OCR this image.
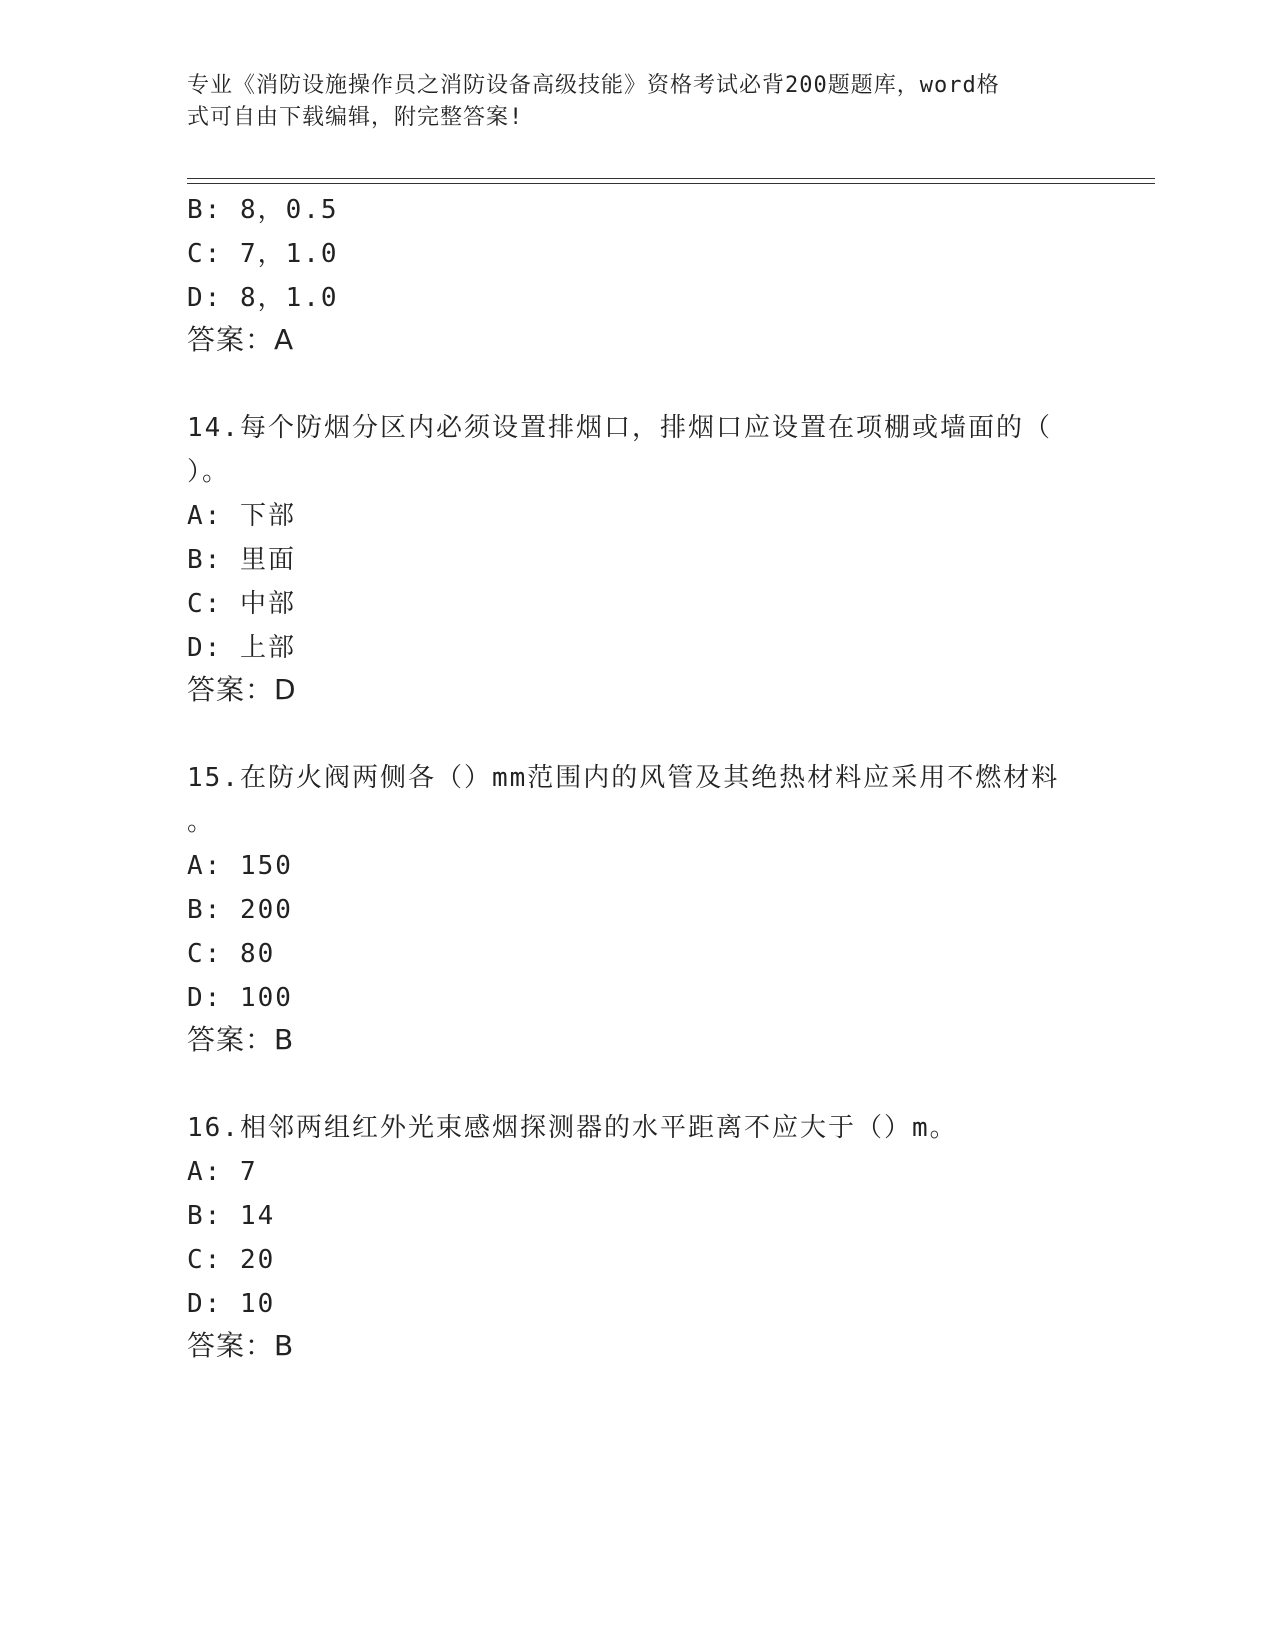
专业《消防设施操作员之消防设备高级技能》资格考试必背200题题库，word格
式可自由下载编辑，附完整答案!
B: 8，0.5
C: 7，1.0
D: 8，1.0
答案：A
14.每个防烟分区内必须设置排烟口，排烟口应设置在项棚或墙面的（
）。
A: 下部
B: 里面
C: 中部
D: 上部
答案：D
15.在防火阀两侧各（）mm范围内的风管及其绝热材料应采用不燃材料
。
A: 150
B: 200
C: 80
D: 100
答案：B
16.相邻两组红外光束感烟探测器的水平距离不应大于（）m。
A: 7
B: 14
C: 20
D: 10
答案：B
